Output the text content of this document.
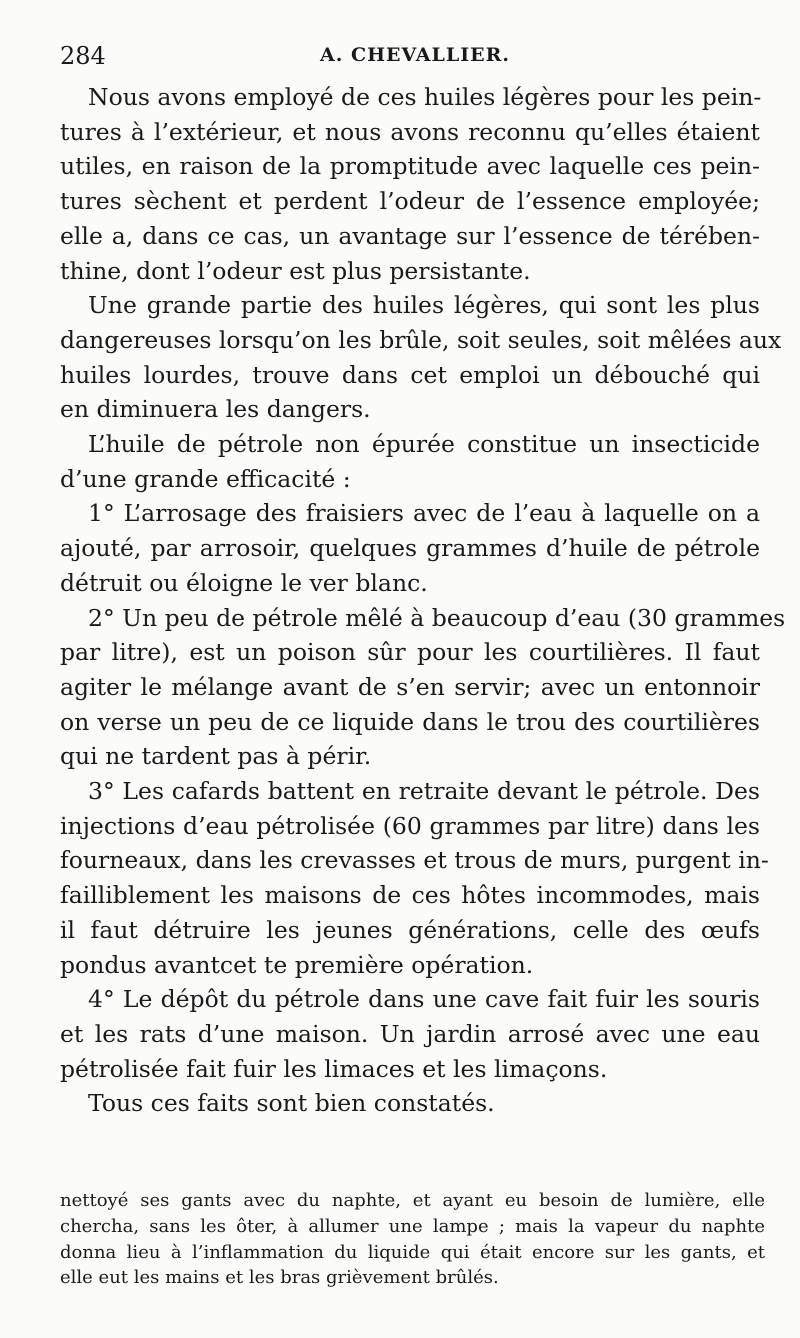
284	A. CHEVALLIER.

Nous avons employé de ces huiles légères pour les pein-
tures à l’extérieur, et nous avons reconnu qu’elles étaient
utiles, en raison de la promptitude avec laquelle ces pein-
tures sèchent et perdent l’odeur de l’essence employée;
elle a, dans ce cas, un avantage sur l’essence de térében-
thine, dont l’odeur est plus persistante.

Une grande partie des huiles légères, qui sont les plus
dangereuses lorsqu’on les brûle, soit seules, soit mêlées aux
huiles lourdes, trouve dans cet emploi un débouché qui
en diminuera les dangers.

L’huile de pétrole non épurée constitue un insecticide
d’une grande efficacité :

1° L’arrosage des fraisiers avec de l’eau à laquelle on a
ajouté, par arrosoir, quelques grammes d’huile de pétrole
détruit ou éloigne le ver blanc.

2° Un peu de pétrole mêlé à beaucoup d’eau (30 grammes
par litre), est un poison sûr pour les courtilières. Il faut
agiter le mélange avant de s’en servir; avec un entonnoir
on verse un peu de ce liquide dans le trou des courtilières
qui ne tardent pas à périr.

3° Les cafards battent en retraite devant le pétrole. Des
injections d’eau pétrolisée (60 grammes par litre) dans les
fourneaux, dans les crevasses et trous de murs, purgent in-
failliblement les maisons de ces hôtes incommodes, mais
il faut détruire les jeunes générations, celle des œufs
pondus avantcet te première opération.

4° Le dépôt du pétrole dans une cave fait fuir les souris
et les rats d’une maison. Un jardin arrosé avec une eau
pétrolisée fait fuir les limaces et les limaçons.

Tous ces faits sont bien constatés.

nettoyé ses gants avec du naphte, et ayant eu besoin de lumière, elle
chercha, sans les ôter, à allumer une lampe ; mais la vapeur du naphte
donna lieu à l’inflammation du liquide qui était encore sur les gants, et
elle eut les mains et les bras grièvement brûlés.
